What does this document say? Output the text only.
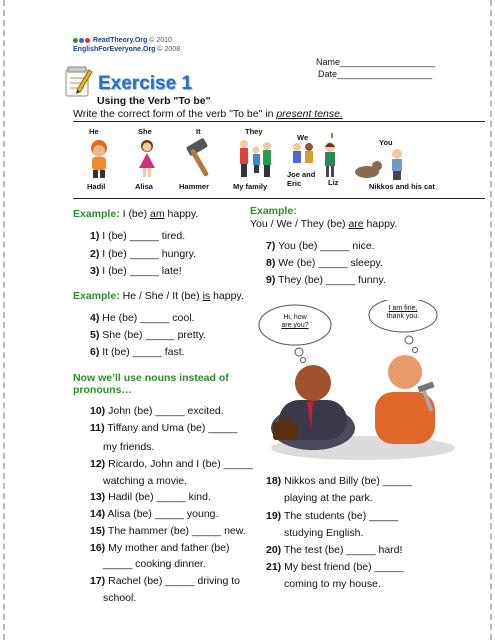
ReadTheory.Org © 2010
EnglishForEveryone.Org © 2008
Name___________________
Date___________________
Exercise 1
Using the Verb "To be"
Write the correct form of the verb "To be" in present tense.
He
Hadil
She
Alisa
It
Hammer
They
My family
We
Joe and Eric
I
Liz
You
Nikkos and his cat
Example: I (be) am happy.
1) I (be) _____ tired.
2) I (be) _____ hungry.
3) I (be) _____ late!
Example: He / She / It (be) is happy.
4) He (be) _____ cool.
5) She (be) _____ pretty.
6) It (be) _____ fast.
Now we’ll use nouns instead of
pronouns…
10) John (be) _____ excited.
11) Tiffany and Uma (be) _____
my friends.
12) Ricardo, John and I (be) _____
watching a movie.
13) Hadil (be) _____ kind.
14) Alisa (be) _____ young.
15) The hammer (be) _____ new.
16) My mother and father (be)
_____ cooking dinner.
17) Rachel (be) _____ driving to
school.
Example:
You / We / They (be) are happy.
7) You (be) _____ nice.
8) We (be) _____ sleepy.
9) They (be) _____ funny.
Hi, how
are you?
I am fine,
thank you.
18) Nikkos and Billy (be) _____
playing at the park.
19) The students (be) _____
studying English.
20) The test (be) _____ hard!
21) My best friend (be) _____
coming to my house.
